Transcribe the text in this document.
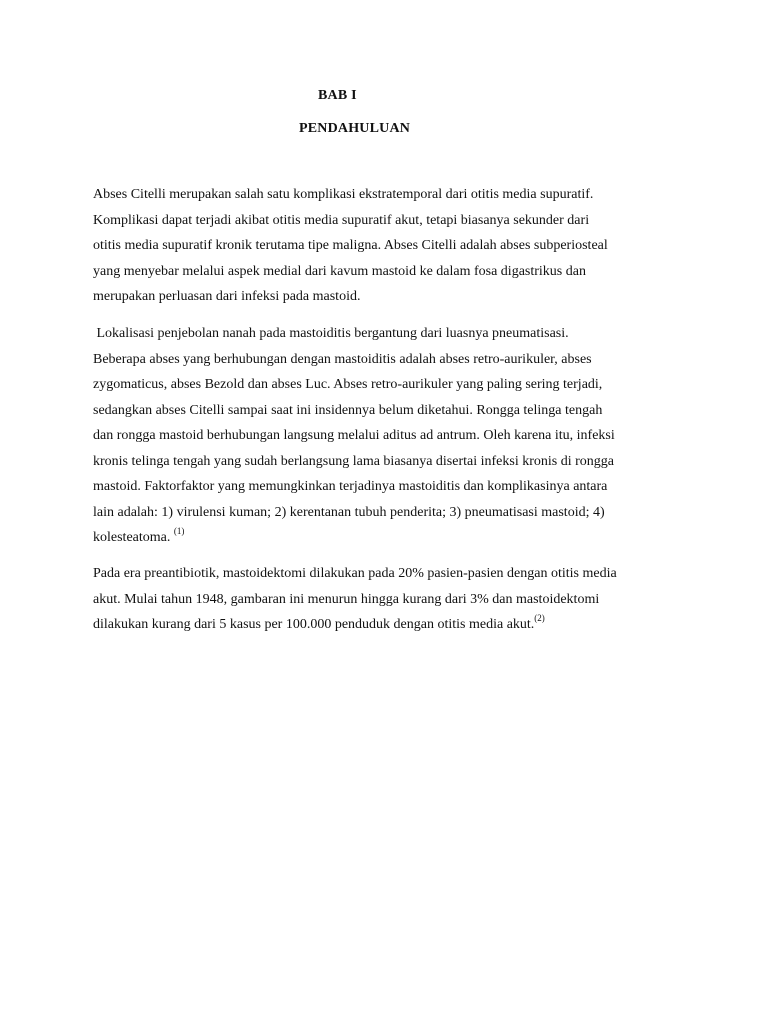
BAB I
PENDAHULUAN

Abses Citelli merupakan salah satu komplikasi ekstratemporal dari otitis media supuratif.
Komplikasi dapat terjadi akibat otitis media supuratif akut, tetapi biasanya sekunder dari
otitis media supuratif kronik terutama tipe maligna. Abses Citelli adalah abses subperiosteal
yang menyebar melalui aspek medial dari kavum mastoid ke dalam fosa digastrikus dan
merupakan perluasan dari infeksi pada mastoid.

Lokalisasi penjebolan nanah pada mastoiditis bergantung dari luasnya pneumatisasi.
Beberapa abses yang berhubungan dengan mastoiditis adalah abses retro-aurikuler, abses
zygomaticus, abses Bezold dan abses Luc. Abses retro-aurikuler yang paling sering terjadi,
sedangkan abses Citelli sampai saat ini insidennya belum diketahui. Rongga telinga tengah
dan rongga mastoid berhubungan langsung melalui aditus ad antrum. Oleh karena itu, infeksi
kronis telinga tengah yang sudah berlangsung lama biasanya disertai infeksi kronis di rongga
mastoid. Faktorfaktor yang memungkinkan terjadinya mastoiditis dan komplikasinya antara
lain adalah: 1) virulensi kuman; 2) kerentanan tubuh penderita; 3) pneumatisasi mastoid; 4)
kolesteatoma. $^{(1)}$

Pada era preantibiotik, mastoidektomi dilakukan pada 20% pasien-pasien dengan otitis media
akut. Mulai tahun 1948, gambaran ini menurun hingga kurang dari 3% dan mastoidektomi
dilakukan kurang dari 5 kasus per 100.000 penduduk dengan otitis media akut.$^{(2)}$
